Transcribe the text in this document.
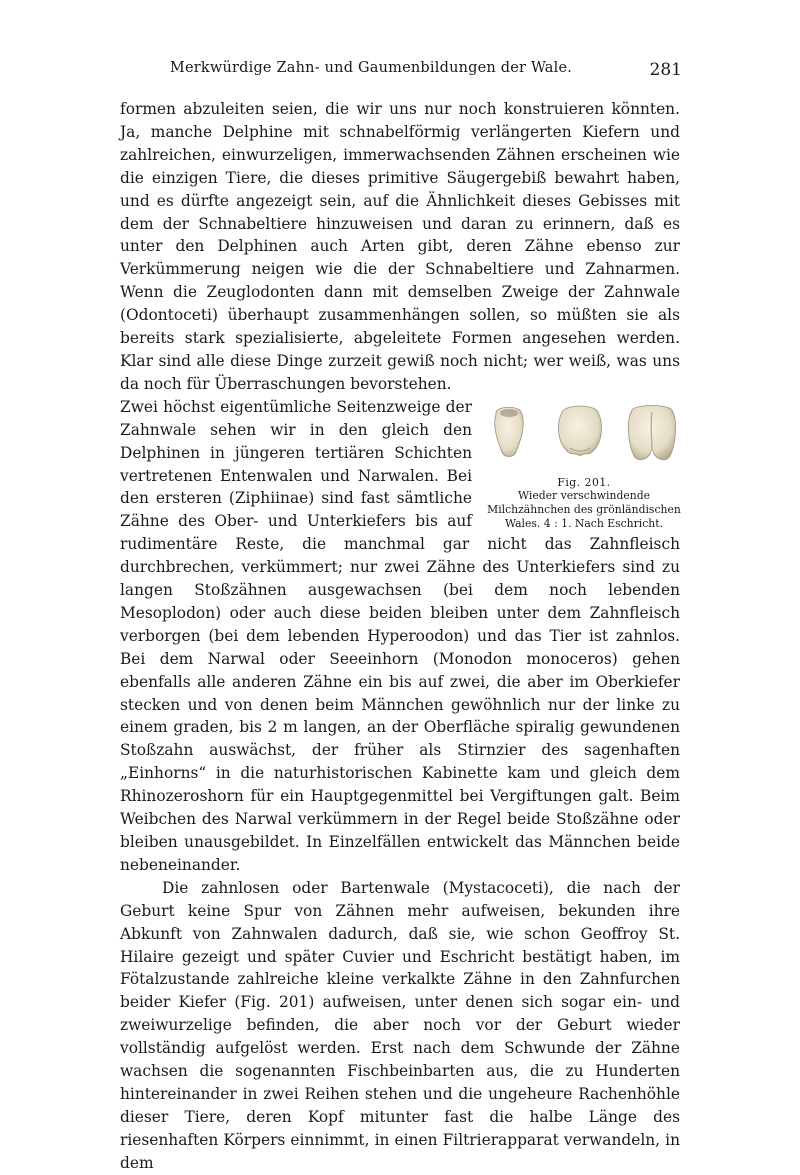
Merkwürdige Zahn- und Gaumenbildungen der Wale.	281

formen abzuleiten seien, die wir uns nur noch konstruieren könnten. Ja, manche Delphine mit schnabelförmig verlängerten Kiefern und zahlreichen, einwurzeligen, immerwachsenden Zähnen erscheinen wie die einzigen Tiere, die dieses primitive Säugergebiß bewahrt haben, und es dürfte angezeigt sein, auf die Ähnlichkeit dieses Gebisses mit dem der Schnabeltiere hinzuweisen und daran zu erinnern, daß es unter den Delphinen auch Arten gibt, deren Zähne ebenso zur Verkümmerung neigen wie die der Schnabeltiere und Zahnarmen. Wenn die Zeuglodonten dann mit demselben Zweige der Zahnwale (Odontoceti) überhaupt zusammenhängen sollen, so müßten sie als bereits stark spezialisierte, abgeleitete Formen angesehen werden. Klar sind alle diese Dinge zurzeit gewiß noch nicht; wer weiß, was uns da noch für Überraschungen bevorstehen.

Fig. 201.
Wieder verschwindende Milchzähnchen des grönländischen Wales. 4 : 1. Nach Eschricht.

Zwei höchst eigentümliche Seitenzweige der Zahnwale sehen wir in den gleich den Delphinen in jüngeren tertiären Schichten vertretenen Entenwalen und Narwalen. Bei den ersteren (Ziphiinae) sind fast sämtliche Zähne des Ober- und Unterkiefers bis auf rudimentäre Reste, die manchmal gar nicht das Zahnfleisch durchbrechen, verkümmert; nur zwei Zähne des Unterkiefers sind zu langen Stoßzähnen ausgewachsen (bei dem noch lebenden Mesoplodon) oder auch diese beiden bleiben unter dem Zahnfleisch verborgen (bei dem lebenden Hyperoodon) und das Tier ist zahnlos. Bei dem Narwal oder Seeeinhorn (Monodon monoceros) gehen ebenfalls alle anderen Zähne ein bis auf zwei, die aber im Oberkiefer stecken und von denen beim Männchen gewöhnlich nur der linke zu einem graden, bis 2 m langen, an der Oberfläche spiralig gewundenen Stoßzahn auswächst, der früher als Stirnzier des sagenhaften „Einhorns“ in die naturhistorischen Kabinette kam und gleich dem Rhinozeroshorn für ein Hauptgegenmittel bei Vergiftungen galt. Beim Weibchen des Narwal verkümmern in der Regel beide Stoßzähne oder bleiben unausgebildet. In Einzelfällen entwickelt das Männchen beide nebeneinander.

Die zahnlosen oder Bartenwale (Mystacoceti), die nach der Geburt keine Spur von Zähnen mehr aufweisen, bekunden ihre Abkunft von Zahnwalen dadurch, daß sie, wie schon Geoffroy St. Hilaire gezeigt und später Cuvier und Eschricht bestätigt haben, im Fötalzustande zahlreiche kleine verkalkte Zähne in den Zahnfurchen beider Kiefer (Fig. 201) aufweisen, unter denen sich sogar ein- und zweiwurzelige befinden, die aber noch vor der Geburt wieder vollständig aufgelöst werden. Erst nach dem Schwunde der Zähne wachsen die sogenannten Fischbeinbarten aus, die zu Hunderten hintereinander in zwei Reihen stehen und die ungeheure Rachenhöhle dieser Tiere, deren Kopf mitunter fast die halbe Länge des riesenhaften Körpers einnimmt, in einen Filtrierapparat verwandeln, in dem
